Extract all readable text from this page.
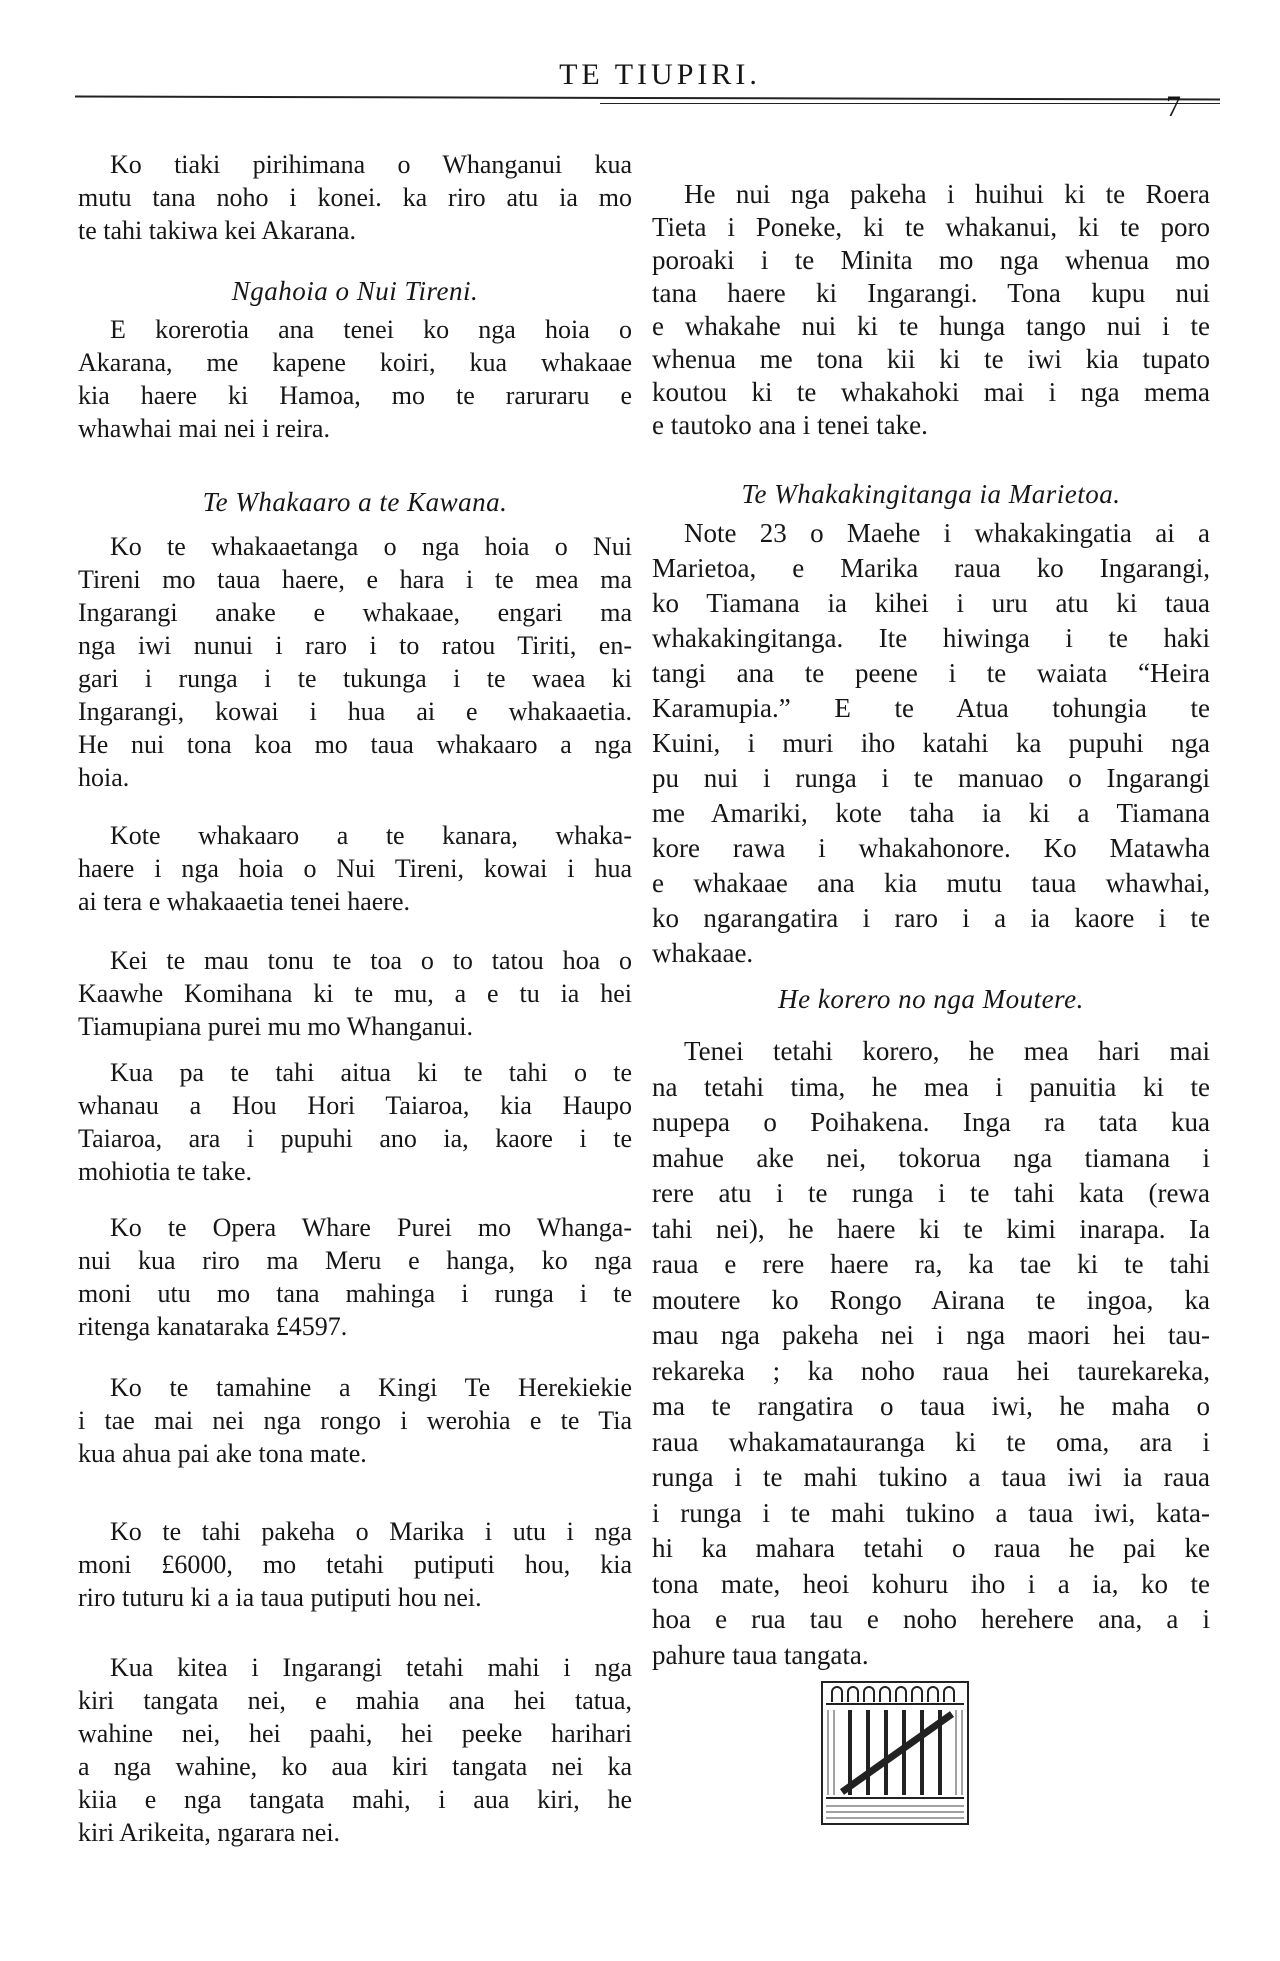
TE TIUPIRI.
7
Ko tiaki pirihimana o Whanganui kua
mutu tana noho i konei. ka riro atu ia mo
te tahi takiwa kei Akarana.
Ngahoia o Nui Tireni.
E korerotia ana tenei ko nga hoia o
Akarana, me kapene koiri, kua whakaae
kia haere ki Hamoa, mo te raruraru e
whawhai mai nei i reira.
Te Whakaaro a te Kawana.
Ko te whakaaetanga o nga hoia o Nui
Tireni mo taua haere, e hara i te mea ma
Ingarangi anake e whakaae, engari ma
nga iwi nunui i raro i to ratou Tiriti, en-
gari i runga i te tukunga i te waea ki
Ingarangi, kowai i hua ai e whakaaetia.
He nui tona koa mo taua whakaaro a nga
hoia.
Kote whakaaro a te kanara, whaka-
haere i nga hoia o Nui Tireni, kowai i hua
ai tera e whakaaetia tenei haere.
Kei te mau tonu te toa o to tatou hoa o
Kaawhe Komihana ki te mu, a e tu ia hei
Tiamupiana purei mu mo Whanganui.
Kua pa te tahi aitua ki te tahi o te
whanau a Hou Hori Taiaroa, kia Haupo
Taiaroa, ara i pupuhi ano ia, kaore i te
mohiotia te take.
Ko te Opera Whare Purei mo Whanga-
nui kua riro ma Meru e hanga, ko nga
moni utu mo tana mahinga i runga i te
ritenga kanataraka £4597.
Ko te tamahine a Kingi Te Herekiekie
i tae mai nei nga rongo i werohia e te Tia
kua ahua pai ake tona mate.
Ko te tahi pakeha o Marika i utu i nga
moni £6000, mo tetahi putiputi hou, kia
riro tuturu ki a ia taua putiputi hou nei.
Kua kitea i Ingarangi tetahi mahi i nga
kiri tangata nei, e mahia ana hei tatua,
wahine nei, hei paahi, hei peeke harihari
a nga wahine, ko aua kiri tangata nei ka
kiia e nga tangata mahi, i aua kiri, he
kiri Arikeita, ngarara nei.
He nui nga pakeha i huihui ki te Roera
Tieta i Poneke, ki te whakanui, ki te poro
poroaki i te Minita mo nga whenua mo
tana haere ki Ingarangi. Tona kupu nui
e whakahe nui ki te hunga tango nui i te
whenua me tona kii ki te iwi kia tupato
koutou ki te whakahoki mai i nga mema
e tautoko ana i tenei take.
Te Whakakingitanga ia Marietoa.
Note 23 o Maehe i whakakingatia ai a
Marietoa, e Marika raua ko Ingarangi,
ko Tiamana ia kihei i uru atu ki taua
whakakingitanga. Ite hiwinga i te haki
tangi ana te peene i te waiata “Heira
Karamupia.” E te Atua tohungia te
Kuini, i muri iho katahi ka pupuhi nga
pu nui i runga i te manuao o Ingarangi
me Amariki, kote taha ia ki a Tiamana
kore rawa i whakahonore. Ko Matawha
e whakaae ana kia mutu taua whawhai,
ko ngarangatira i raro i a ia kaore i te
whakaae.
He korero no nga Moutere.
Tenei tetahi korero, he mea hari mai
na tetahi tima, he mea i panuitia ki te
nupepa o Poihakena. Inga ra tata kua
mahue ake nei, tokorua nga tiamana i
rere atu i te runga i te tahi kata (rewa
tahi nei), he haere ki te kimi inarapa. Ia
raua e rere haere ra, ka tae ki te tahi
moutere ko Rongo Airana te ingoa, ka
mau nga pakeha nei i nga maori hei tau-
rekareka ; ka noho raua hei taurekareka,
ma te rangatira o taua iwi, he maha o
raua whakamatauranga ki te oma, ara i
runga i te mahi tukino a taua iwi ia raua
i runga i te mahi tukino a taua iwi, kata-
hi ka mahara tetahi o raua he pai ke
tona mate, heoi kohuru iho i a ia, ko te
hoa e rua tau e noho herehere ana, a i
pahure taua tangata.
